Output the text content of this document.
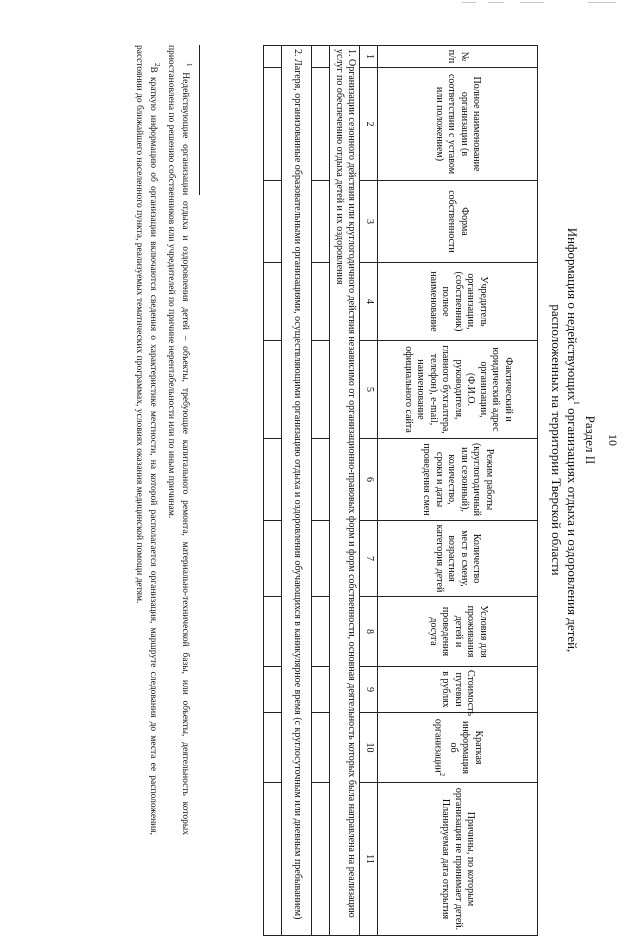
10
Раздел II
Информация о недействующих$^1$ организациях отдыха и оздоровления детей,
расположенных на территории Тверской области
№ п/п	Полное наименование организации (в соответствии с уставом или положением)	Форма собственности	Учредитель организации, (собственник) полное наименование	Фактический и юридический адрес организации, (Ф.И.О. руководителя, главного бухгалтера, телефон), e-mail, наименование официального сайта	Режим работы (круглогодичный или сезонный), количество, сроки и даты проведения смен	Количество мест в смену, возрастная категория детей	Условия для проживания детей и проведения досуга	Стоимость путевки в рублях	Краткая информация об организации$^2$	Причины, по которым организация не принимает детей. Планируемая дата открытия
1	2	3	4	5	6	7	8	9	10	11
1. Организации сезонного действия или круглогодичного действия независимо от организационно-правовых форм и форм собственности, основная деятельность которых была направлена на реализацию услуг по обеспечению отдыха детей и их оздоровления										

2. Лагеря, организованные образовательными организациями, осуществляющими организацию отдыха и оздоровления обучающихся в каникулярное время (с круглосуточным или дневным пребыванием)										

$^1$ Недействующие организации отдыха и оздоровления детей – объекты, требующие капитального ремонта, материально-технической базы, или объекты, деятельность которых приостановлена по решению собственников или учредителей по причине нерентабельности или по иным причинам.

$^2$В краткую информацию об организации включаются сведения о характеристике местности, на которой располагается организация, маршруте следования до места ее расположения, расстоянии до ближайшего населенного пункта, реализуемых тематических программах, условиях оказания медицинской помощи детям.
